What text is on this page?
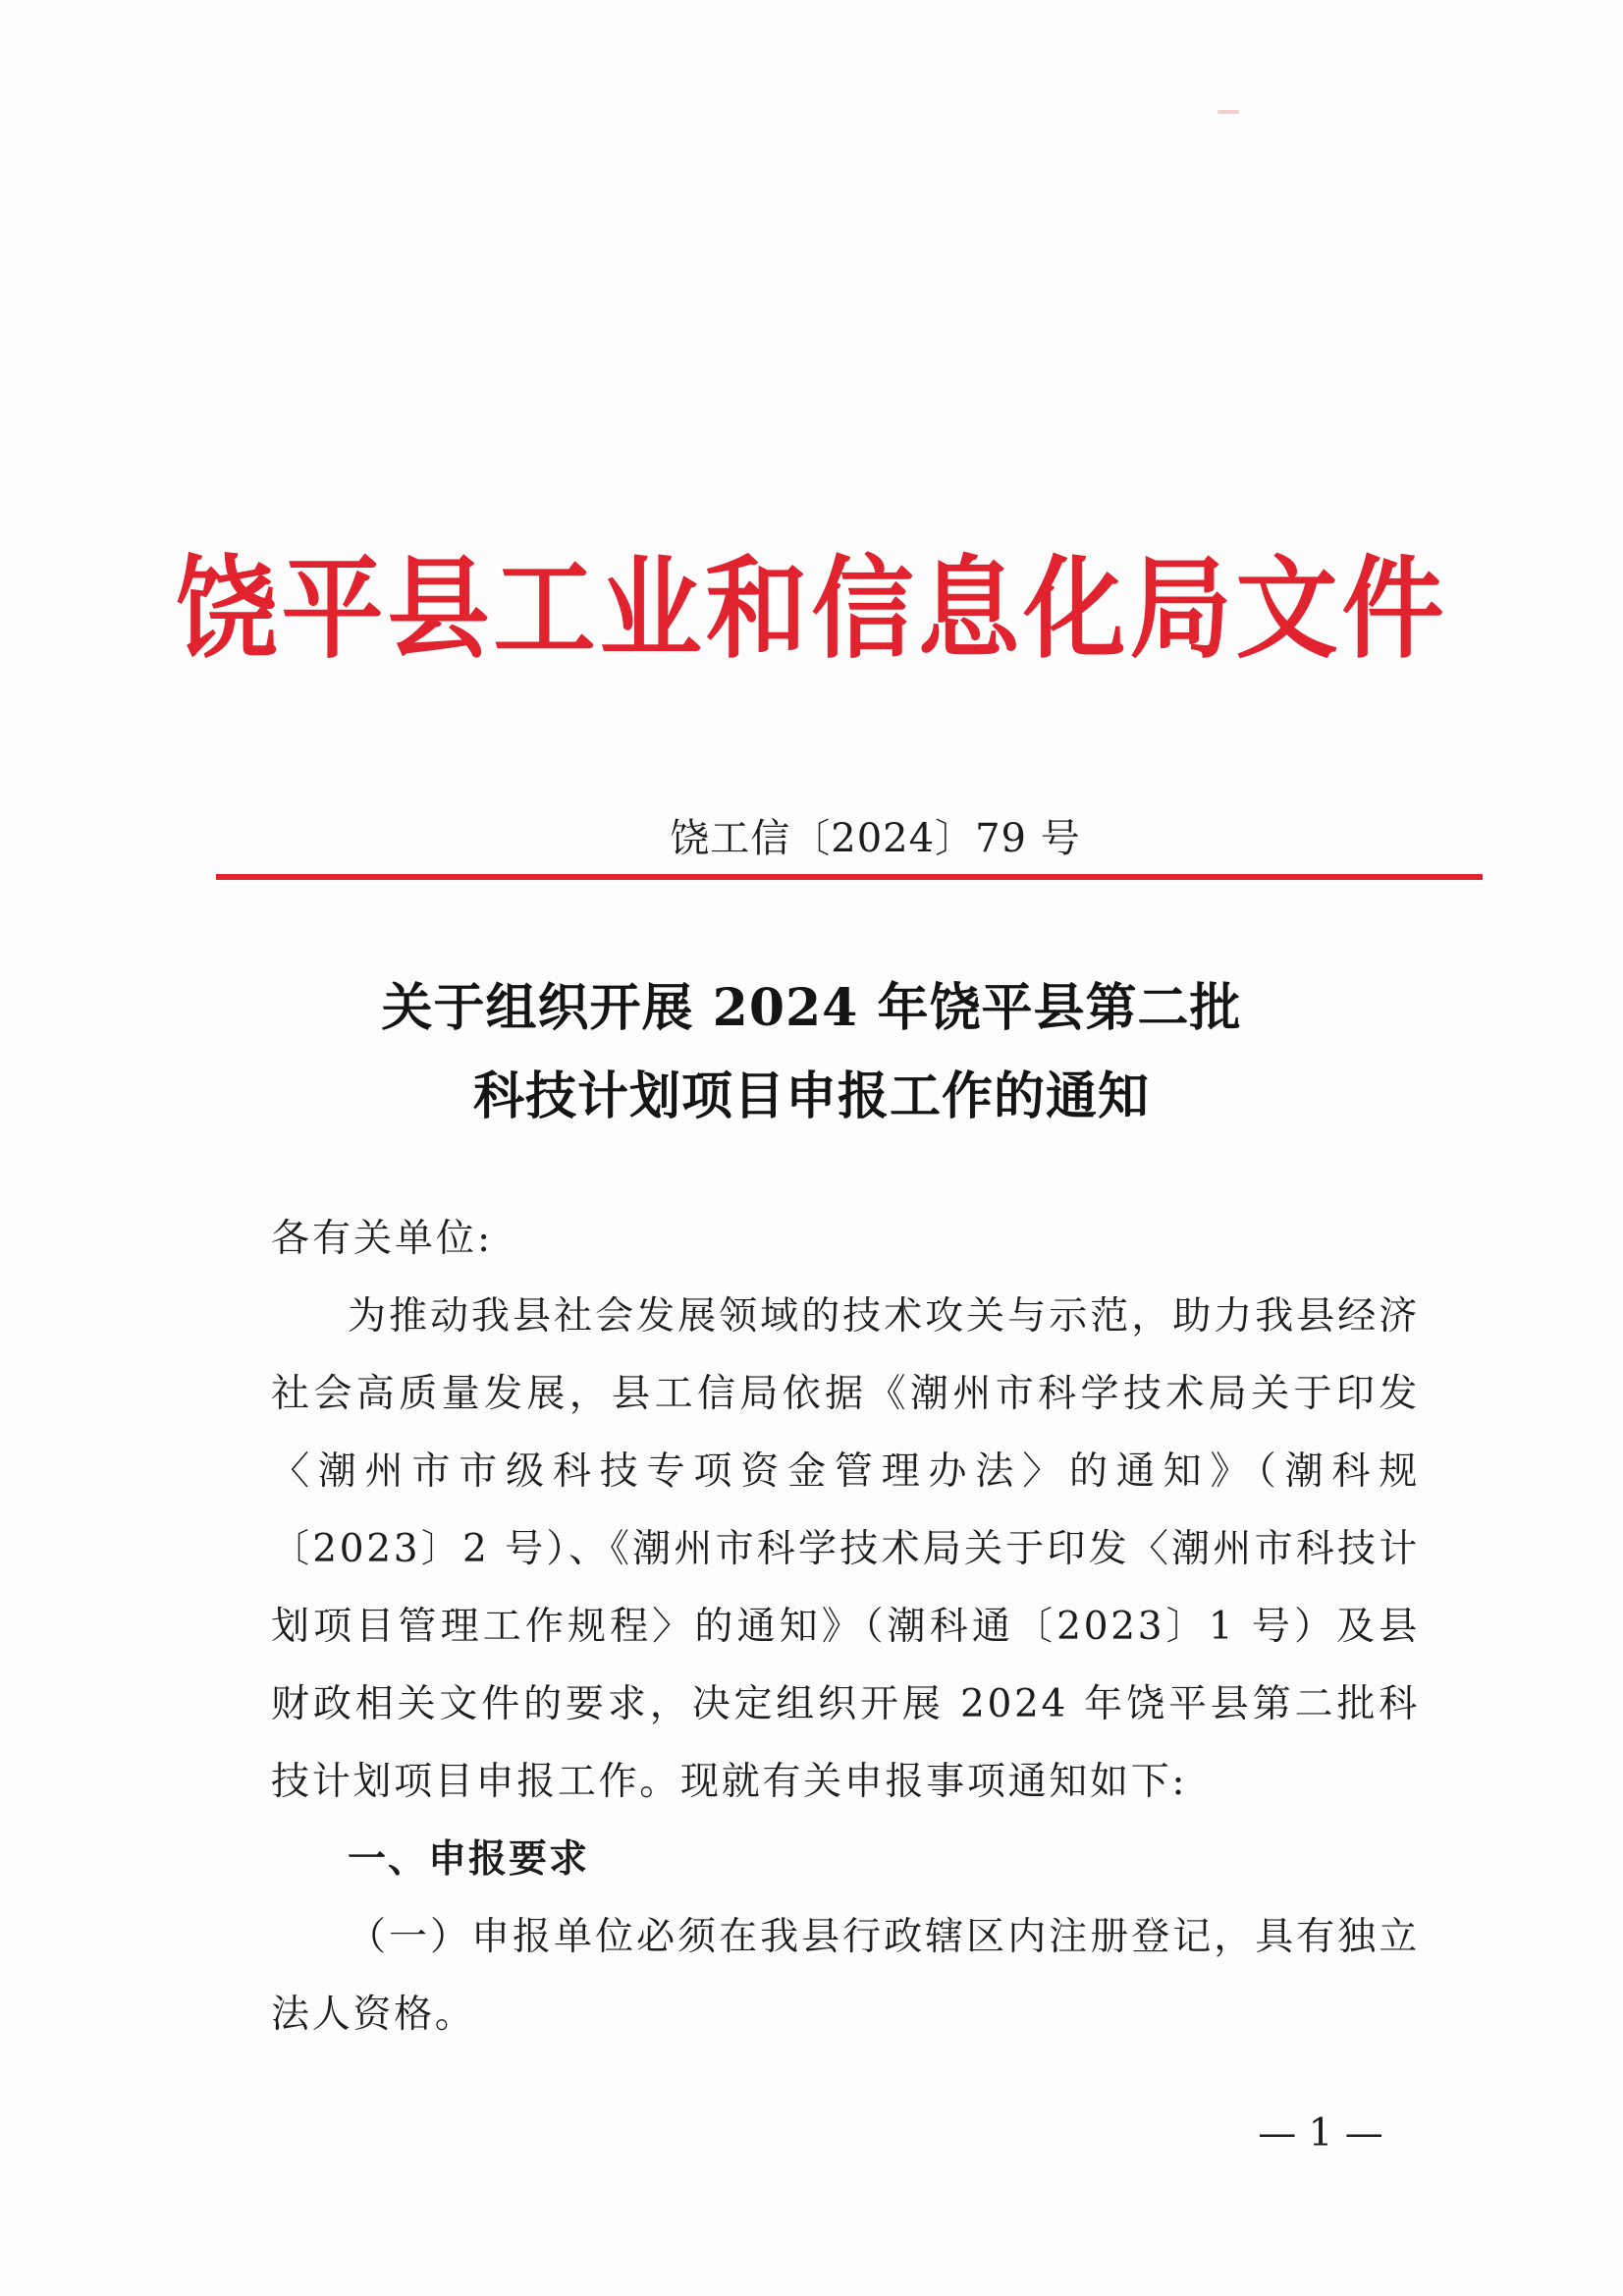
饶平县工业和信息化局文件
饶工信〔2024〕79 号
关于组织开展 2024 年饶平县第二批
科技计划项目申报工作的通知
各有关单位:
为推动我县社会发展领域的技术攻关与示范，助力我县经济社会高质量发展，县工信局依据《潮州市科学技术局关于印发〈潮州市市级科技专项资金管理办法〉的通知》（潮科规〔2023〕2 号）、《潮州市科学技术局关于印发〈潮州市科技计划项目管理工作规程〉的通知》（潮科通〔2023〕1 号）及县财政相关文件的要求，决定组织开展 2024 年饶平县第二批科技计划项目申报工作。现就有关申报事项通知如下:
一、申报要求
（一）申报单位必须在我县行政辖区内注册登记，具有独立法人资格。
— 1 —
